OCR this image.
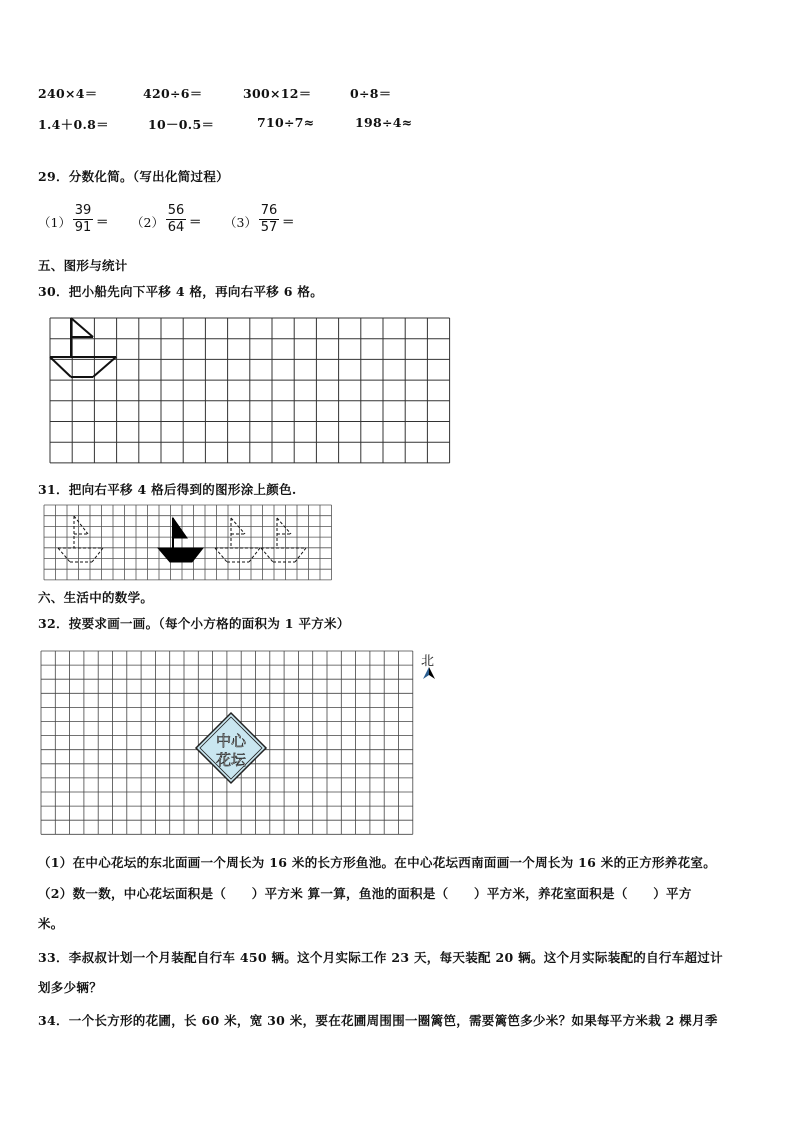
240×4＝	420÷6＝	300×12＝	0÷8＝
1.4＋0.8＝	10－0.5＝	710÷7≈	198÷4≈
29．分数化简。（写出化简过程）
（1）
39
91 ＝ （2）
56
64 ＝ （3）
76
57 ＝
五、图形与统计
30．把小船先向下平移 4 格，再向右平移 6 格。
31．把向右平移 4 格后得到的图形涂上颜色.
六、生活中的数学。
32．按要求画一画。（每个小方格的面积为 1 平方米）
中心
花坛
北
（1）在中心花坛的东北面画一个周长为 16 米的长方形鱼池。在中心花坛西南面画一个周长为 16 米的正方形养花室。
（2）数一数，中心花坛面积是（　　）平方米 算一算，鱼池的面积是（　　）平方米，养花室面积是（　　）平方
米。
33．李叔叔计划一个月装配自行车 450 辆。这个月实际工作 23 天，每天装配 20 辆。这个月实际装配的自行车超过计
划多少辆？
34．一个长方形的花圃，长 60 米，宽 30 米，要在花圃周围围一圈篱笆，需要篱笆多少米？如果每平方米栽 2 棵月季
